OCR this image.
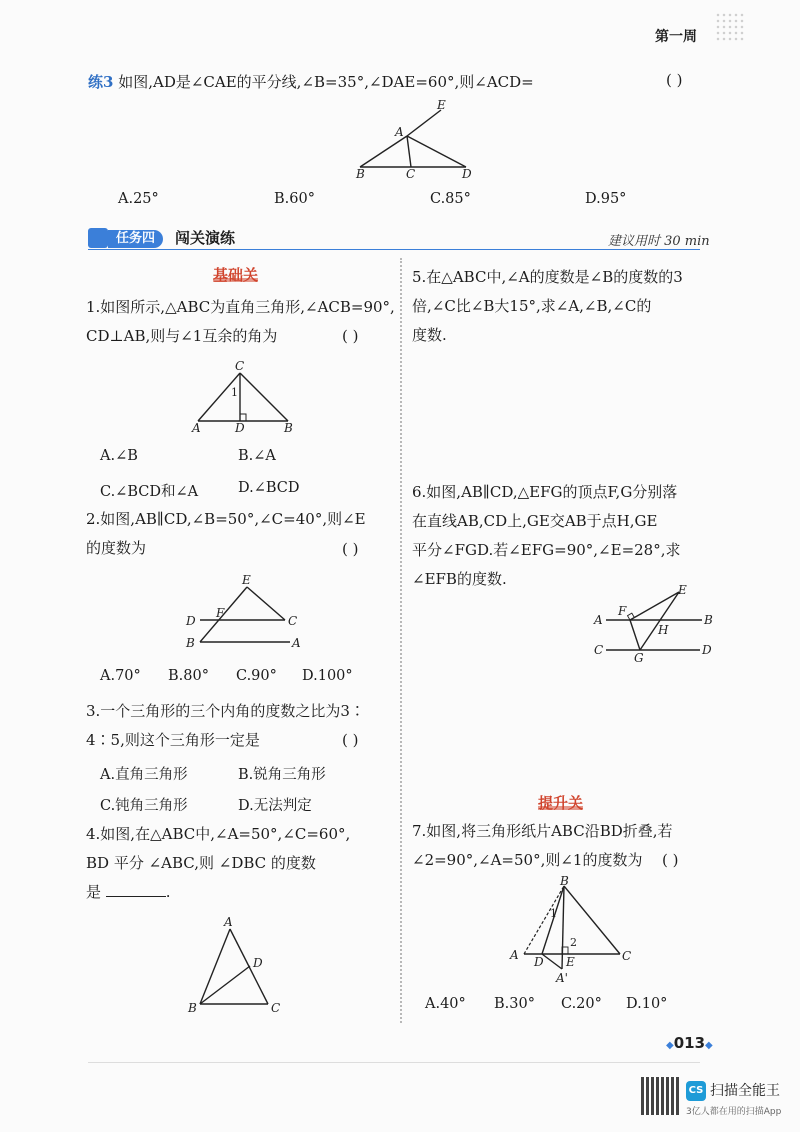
第一周
练3 如图,AD是∠CAE的平分线,∠B=35°,∠DAE=60°,则∠ACD=	( )
E
A
B	C	D
A.25°	B.60°	C.85°	D.95°
任务四	闯关演练	建议用时 30 min
基础关
1.如图所示,△ABC为直角三角形,∠ACB=90°,
CD⊥AB,则与∠1互余的角为	( )
C
1
A	D	B
A.∠B	B.∠A
C.∠BCD和∠A	D.∠BCD
2.如图,AB∥CD,∠B=50°,∠C=40°,则∠E
的度数为	( )
E
F
D	C
B	A
A.70° B.80° C.90° D.100°
3.一个三角形的三个内角的度数之比为3∶
4∶5,则这个三角形一定是	( )
A.直角三角形	B.锐角三角形
C.钝角三角形	D.无法判定
4.如图,在△ABC中,∠A=50°,∠C=60°,
BD 平分 ∠ABC,则 ∠DBC 的度数
是	.
A
D
B	C
5.在△ABC中,∠A的度数是∠B的度数的3
倍,∠C比∠B大15°,求∠A,∠B,∠C的
度数.
6.如图,AB∥CD,△EFG的顶点F,G分别落
在直线AB,CD上,GE交AB于点H,GE
平分∠FGD.若∠EFG=90°,∠E=28°,求
∠EFB的度数.
A
F
E
H
B
C
G
D
提升关
7.如图,将三角形纸片ABC沿BD折叠,若
∠2=90°,∠A=50°,则∠1的度数为	( )
B
1
2
A D E
A'
C
A.40° B.30° C.20° D.10°
◆013◆
CS 扫描全能王
3亿人都在用的扫描App
